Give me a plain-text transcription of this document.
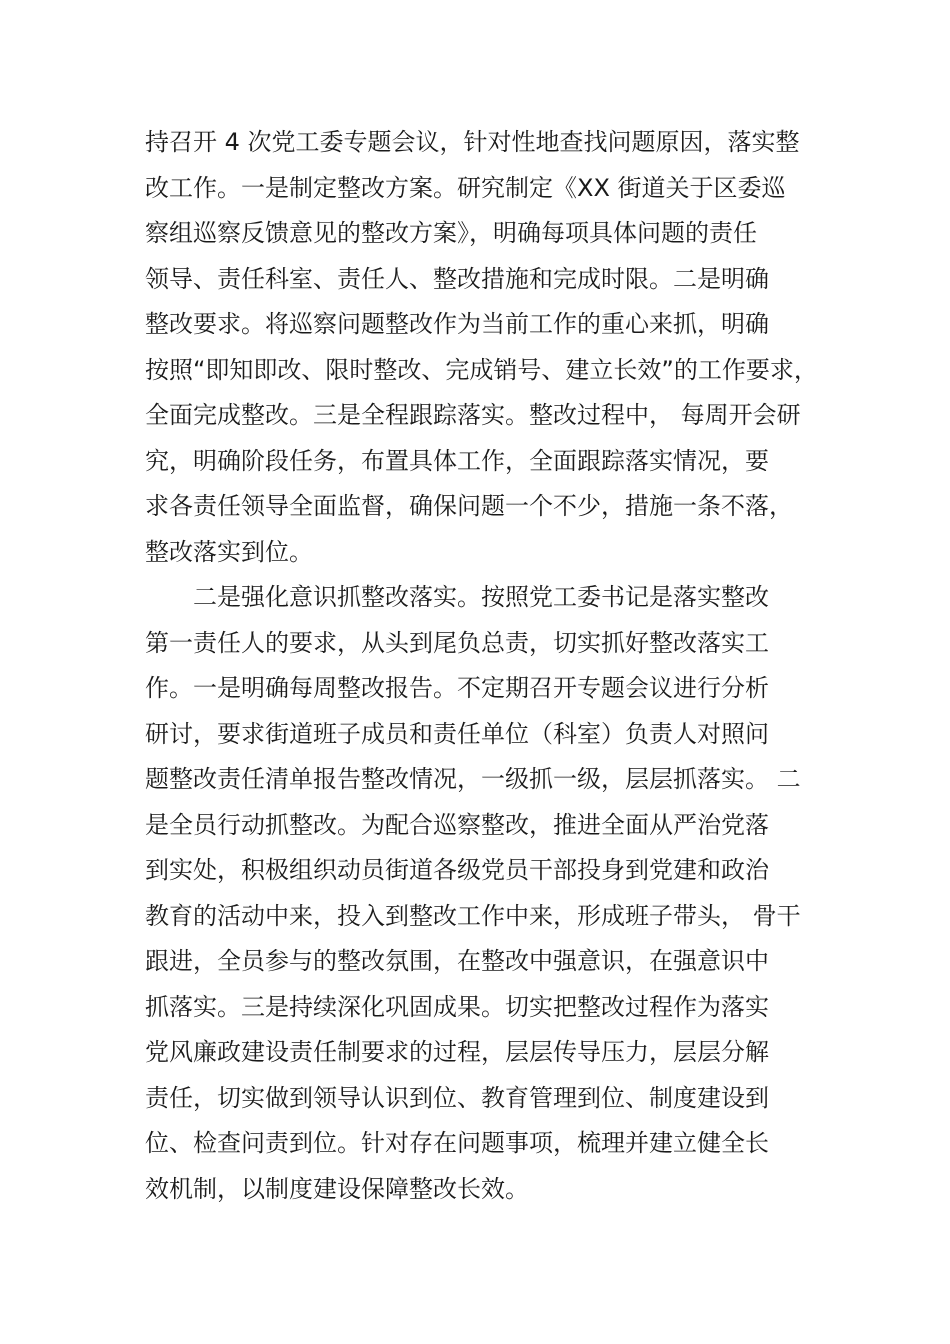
持召开 4 次党工委专题会议，针对性地查找问题原因，落实整
改工作。一是制定整改方案。研究制定《XX 街道关于区委巡
察组巡察反馈意见的整改方案》，明确每项具体问题的责任
领导、责任科室、责任人、整改措施和完成时限。二是明确
整改要求。将巡察问题整改作为当前工作的重心来抓，明确
按照“即知即改、限时整改、完成销号、建立长效”的工作要求，
全面完成整改。三是全程跟踪落实。整改过程中， 每周开会研
究，明确阶段任务，布置具体工作，全面跟踪落实情况，要
求各责任领导全面监督，确保问题一个不少，措施一条不落，
整改落实到位。
二是强化意识抓整改落实。按照党工委书记是落实整改
第一责任人的要求，从头到尾负总责，切实抓好整改落实工
作。一是明确每周整改报告。不定期召开专题会议进行分析
研讨，要求街道班子成员和责任单位（科室）负责人对照问
题整改责任清单报告整改情况，一级抓一级，层层抓落实。 二
是全员行动抓整改。为配合巡察整改，推进全面从严治党落
到实处，积极组织动员街道各级党员干部投身到党建和政治
教育的活动中来，投入到整改工作中来，形成班子带头， 骨干
跟进，全员参与的整改氛围，在整改中强意识，在强意识中
抓落实。三是持续深化巩固成果。切实把整改过程作为落实
党风廉政建设责任制要求的过程，层层传导压力，层层分解
责任，切实做到领导认识到位、教育管理到位、制度建设到
位、检查问责到位。针对存在问题事项，梳理并建立健全长
效机制，以制度建设保障整改长效。
